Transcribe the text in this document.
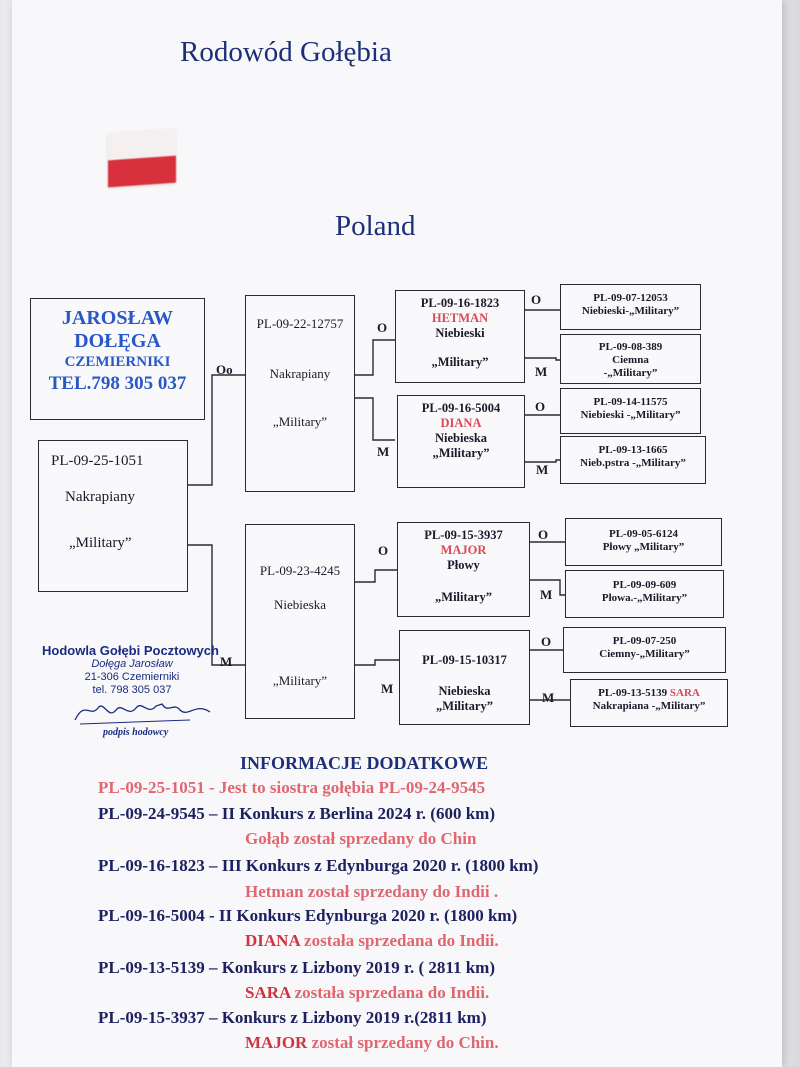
Rodowód Gołębia
Poland
JAROSŁAW
DOŁĘGA
CZEMIERNIKI
TEL.798 305 037
PL-09-25-1051
Nakrapiany
„Military”
Oo
M
PL-09-22-12757
Nakrapiany
„Military”
PL-09-23-4245
Niebieska
„Military”
O
M
O
M
PL-09-16-1823
HETMAN
Niebieski
„Military”
PL-09-16-5004
DIANA
Niebieska
„Military”
PL-09-15-3937
MAJOR
Płowy
„Military”
PL-09-15-10317
Niebieska
„Military”
O
M
O
M
O
M
O
M
PL-09-07-12053
Niebieski-„Military”
PL-09-08-389
Ciemna
-„Military”
PL-09-14-11575
Niebieski -„Military”
PL-09-13-1665
Nieb.pstra -„Military”
PL-09-05-6124
Płowy „Military”
PL-09-09-609
Płowa.-„Military”
PL-09-07-250
Ciemny-„Military”
PL-09-13-5139 SARA
Nakrapiana -„Military”
Hodowla Gołębi Pocztowych
Dołęga Jarosław
21-306 Czemierniki
tel. 798 305 037
podpis hodowcy
INFORMACJE DODATKOWE
PL-09-25-1051 - Jest to siostra gołębia PL-09-24-9545
PL-09-24-9545 – II Konkurs z Berlina 2024 r. (600 km)
Gołąb został sprzedany do Chin
PL-09-16-1823 – III Konkurs z Edynburga 2020 r. (1800 km)
Hetman został sprzedany do Indii .
PL-09-16-5004 - II Konkurs Edynburga 2020 r. (1800 km)
DIANA została sprzedana do Indii.
PL-09-13-5139 – Konkurs z Lizbony 2019 r. ( 2811 km)
SARA została sprzedana do Indii.
PL-09-15-3937 – Konkurs z Lizbony 2019 r.(2811 km)
MAJOR został sprzedany do Chin.
